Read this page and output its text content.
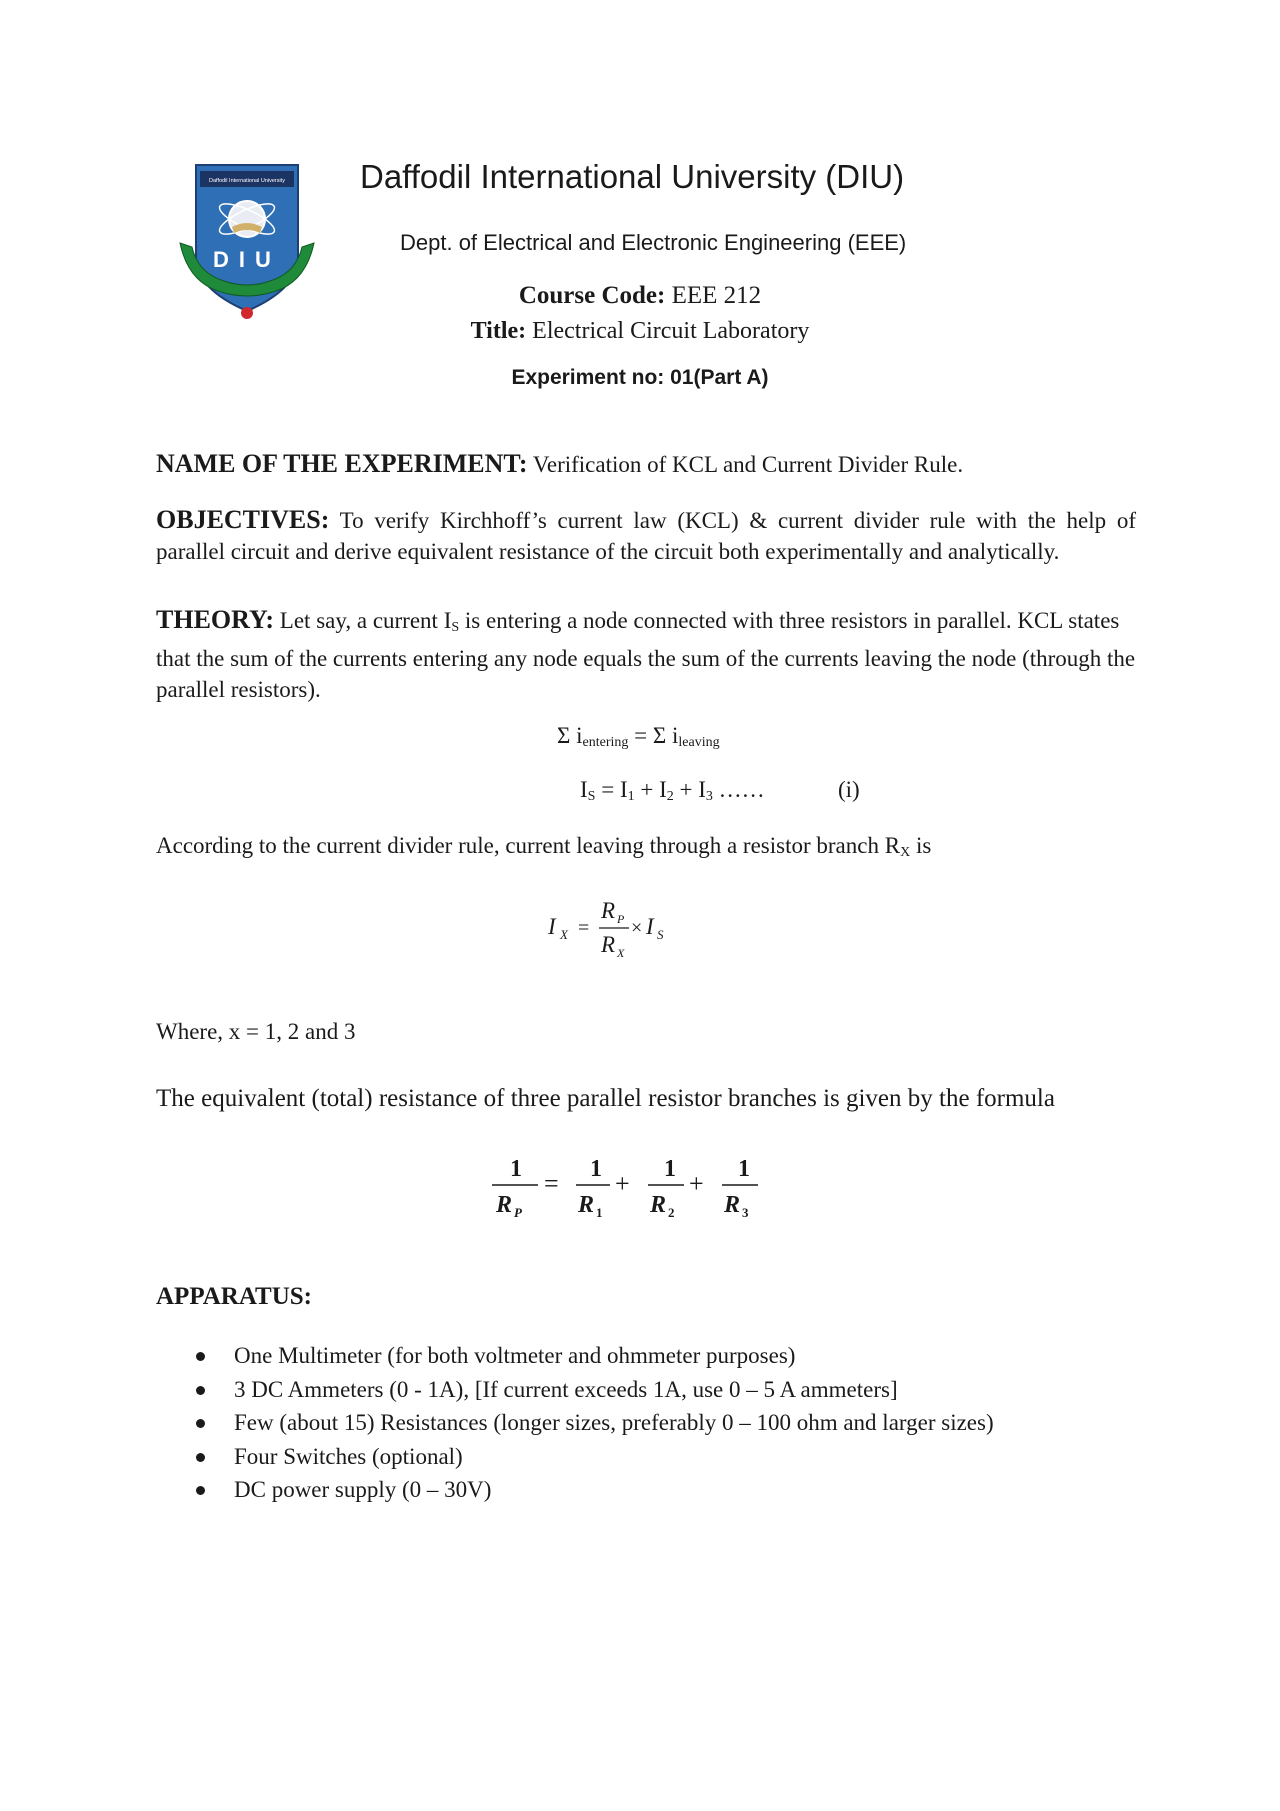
Daffodil International University
DIU
Daffodil International University (DIU)
Dept. of Electrical and Electronic Engineering (EEE)
Course Code: EEE 212
Title: Electrical Circuit Laboratory
Experiment no: 01(Part A)
NAME OF THE EXPERIMENT: Verification of KCL and Current Divider Rule.
OBJECTIVES: To verify Kirchhoff’s current law (KCL) & current divider rule with the help of parallel circuit and derive equivalent resistance of the circuit both experimentally and analytically.
THEORY: Let say, a current $I_S$ is entering a node connected with three resistors in parallel. KCL states that the sum of the currents entering any node equals the sum of the currents leaving the node (through the parallel resistors).
Σ $i_{entering} = \Sigma$ $i_{leaving}$
$I_S = I_1 + I_2 + I_3$ ……	(i)
According to the current divider rule, current leaving through a resistor branch $R_X$ is
I X =
R P
R X
× I S
Where, x = 1, 2 and 3
The equivalent (total) resistance of three parallel resistor branches is given by the formula
1
R P
= 1
R 1
+ 1
R 2
+ 1
R 3
APPARATUS:
One Multimeter (for both voltmeter and ohmmeter purposes)
3 DC Ammeters (0 - 1A), [If current exceeds 1A, use 0 – 5 A ammeters]
Few (about 15) Resistances (longer sizes, preferably 0 – 100 ohm and larger sizes)
Four Switches (optional)
DC power supply (0 – 30V)
